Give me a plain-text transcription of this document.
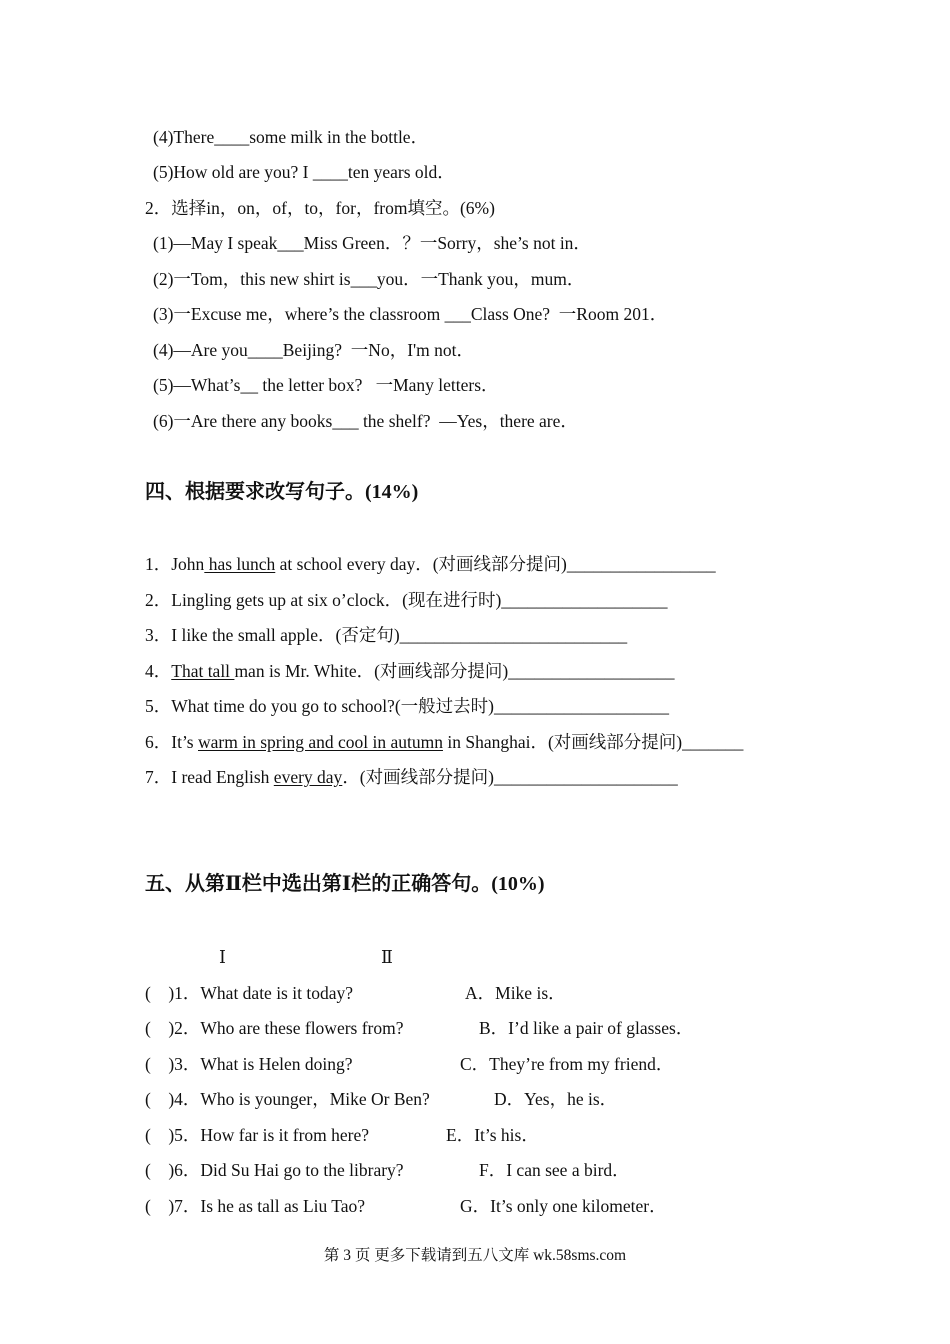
(4)There____some milk in the bottle．
(5)How old are you? I ____ten years old．
2．选择in，on，of，to，for，from填空。(6%)
(1)—May I speak___Miss Green．？一Sorry，she’s not in．
(2)一Tom，this new shirt is___you．一Thank you，mum．
(3)一Excuse me，where’s the classroom ___Class One?  一Room 201．
(4)—Are you____Beijing?  一No，I'm not．
(5)—What’s__ the letter box?   一Many letters．
(6)一Are there any books___ the shelf?  —Yes，there are．
四、根据要求改写句子。(14%)
1．John has lunch at school every day．(对画线部分提问)_________________
2．Lingling gets up at six o’clock．(现在进行时)___________________
3．I like the small apple．(否定句)__________________________
4．That tall man is Mr. White．(对画线部分提问)___________________
5．What time do you go to school?(一般过去时)____________________
6．It’s warm in spring and cool in autumn in Shanghai．(对画线部分提问)_______
7．I read English every day．(对画线部分提问)_____________________
五、从第Ⅱ栏中选出第Ⅰ栏的正确答句。(10%)
Ⅰ	Ⅱ
(    )1．What date is it today?	A．Mike is．
(    )2．Who are these flowers from?	B．I’d like a pair of glasses．
(    )3．What is Helen doing?	C．They’re from my friend．
(    )4．Who is younger，Mike Or Ben?	D．Yes，he is．
(    )5．How far is it from here?	E．It’s his．
(    )6．Did Su Hai go to the library?	F．I can see a bird．
(    )7．Is he as tall as Liu Tao?	G．It’s only one kilometer．
第 3 页 更多下载请到五八文库 wk.58sms.com
